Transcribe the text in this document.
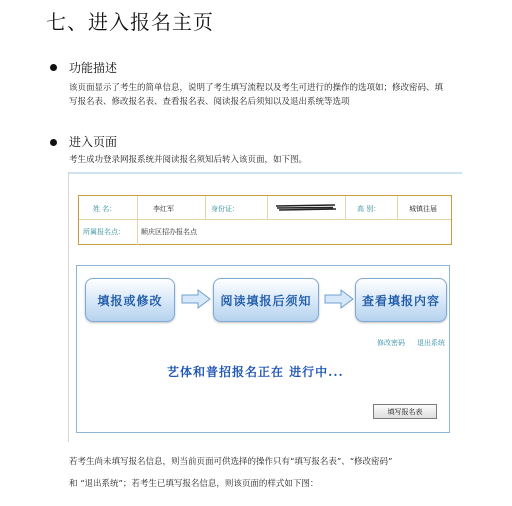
七、进入报名主页
功能描述
该页面显示了考生的简单信息，说明了考生填写流程以及考生可进行的操作的选项如；修改密码、填写报名表、修改报名表、查看报名表、阅读报名后须知以及退出系统等选项
进入页面
考生成功登录网报系统并阅读报名须知后转入该页面，如下图。
姓 名：	李红军	身份证：	高 别：	城镇往届
所属报名点： 顺庆区招办报名点
填报或修改	阅读填报后须知	查看填报内容
修改密码 退出系统
艺体和普招报名正在 进行中...
填写报名表
若考生尚未填写报名信息，则当前页面可供选择的操作只有“填写报名表”、“修改密码”
和 “退出系统”；若考生已填写报名信息，则该页面的样式如下图：
